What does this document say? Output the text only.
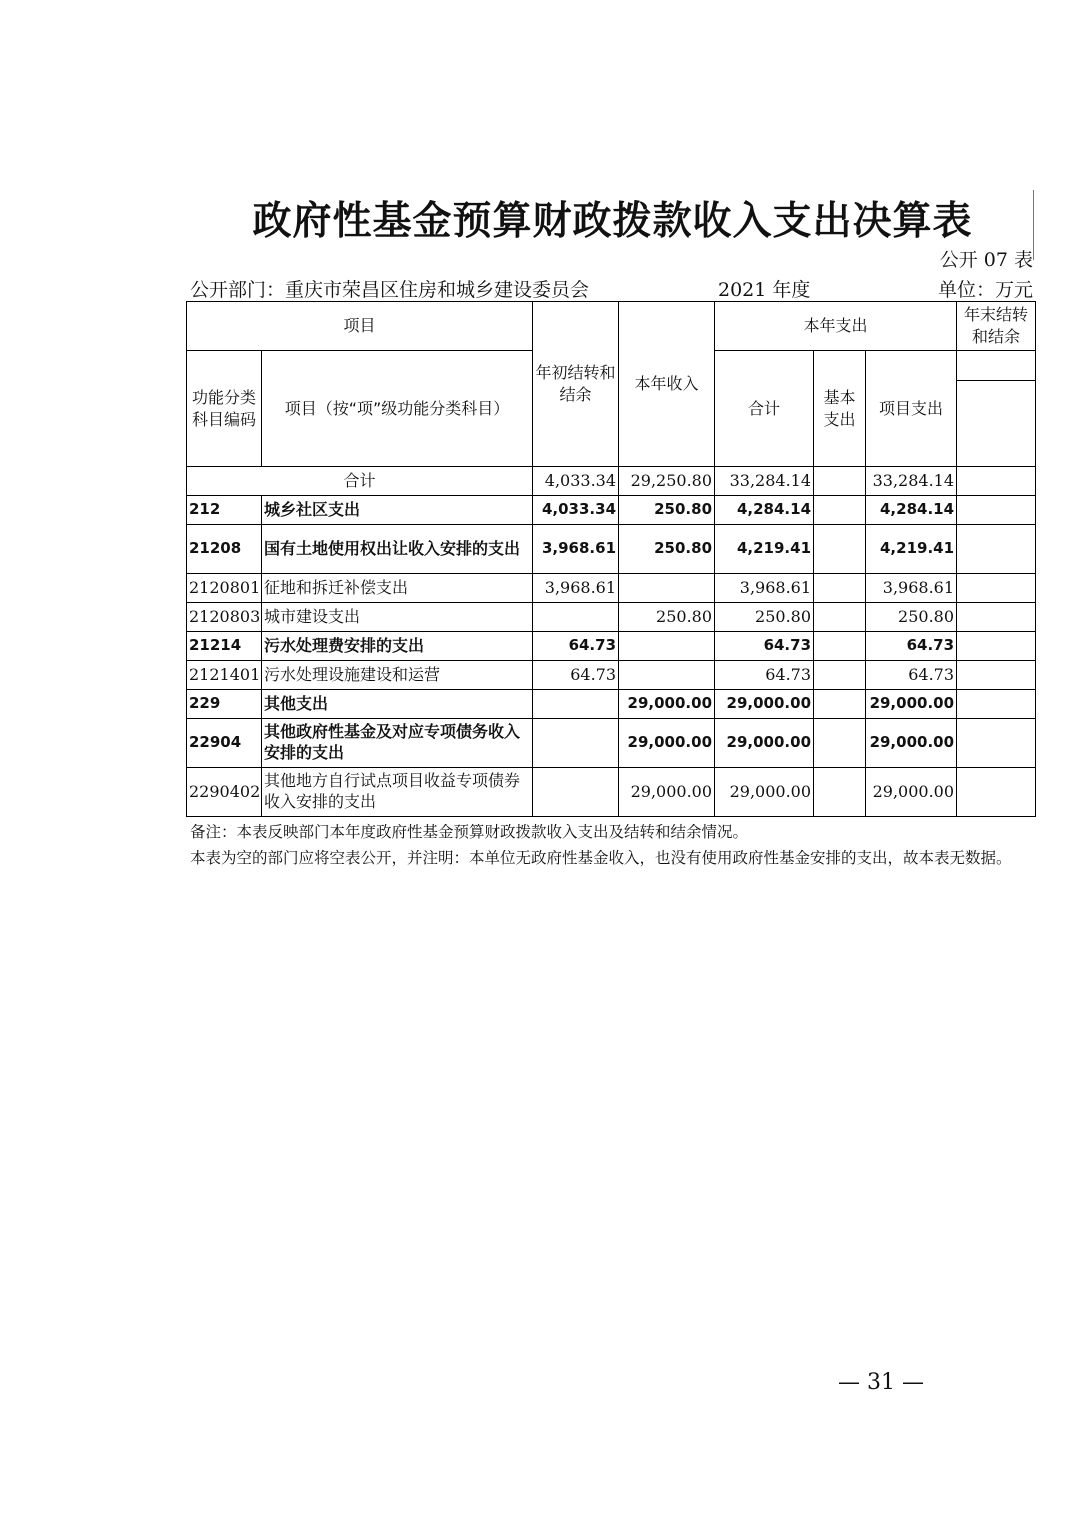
政府性基金预算财政拨款收入支出决算表
公开 07 表
公开部门：重庆市荣昌区住房和城乡建设委员会	2021 年度	单位：万元
项目		年初结转和结余	本年收入	本年支出			年末结转和结余
功能分类科目编码	项目（按“项”级功能分类科目）			合计	基本支出	项目支出	

合计		4,033.34	29,250.80	33,284.14		33,284.14	
212	城乡社区支出	4,033.34	250.80	4,284.14		4,284.14	
21208	国有土地使用权出让收入安排的支出	3,968.61	250.80	4,219.41		4,219.41	
2120801	征地和拆迁补偿支出	3,968.61		3,968.61		3,968.61	
2120803	城市建设支出		250.80	250.80		250.80	
21214	污水处理费安排的支出	64.73		64.73		64.73	
2121401	污水处理设施建设和运营	64.73		64.73		64.73	
229	其他支出		29,000.00	29,000.00		29,000.00	
22904	其他政府性基金及对应专项债务收入安排的支出		29,000.00	29,000.00		29,000.00	
2290402	其他地方自行试点项目收益专项债券收入安排的支出		29,000.00	29,000.00		29,000.00	
备注：本表反映部门本年度政府性基金预算财政拨款收入支出及结转和结余情况。
本表为空的部门应将空表公开，并注明：本单位无政府性基金收入，也没有使用政府性基金安排的支出，故本表无数据。
— 31 —
